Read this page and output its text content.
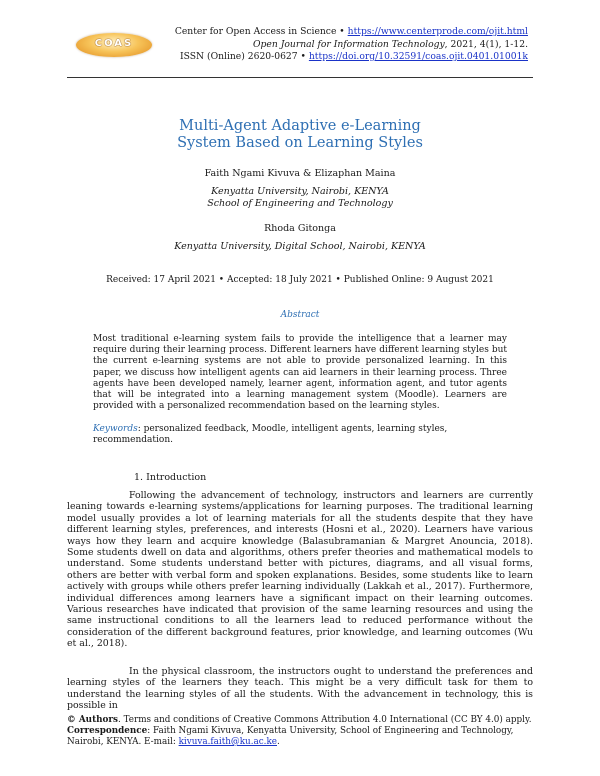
COAS
Center for Open Access in Science • https://www.centerprode.com/ojit.html
Open Journal for Information Technology, 2021, 4(1), 1-12.
ISSN (Online) 2620-0627 • https://doi.org/10.32591/coas.ojit.0401.01001k
Multi-Agent Adaptive e-Learning
System Based on Learning Styles
Faith Ngami Kivuva & Elizaphan Maina
Kenyatta University, Nairobi, KENYA
School of Engineering and Technology
Rhoda Gitonga
Kenyatta University, Digital School, Nairobi, KENYA
Received: 17 April 2021 • Accepted: 18 July 2021 • Published Online: 9 August 2021
Abstract
Most traditional e-learning system fails to provide the intelligence that a learner may require during their learning process. Different learners have different learning styles but the current e-learning systems are not able to provide personalized learning. In this paper, we discuss how intelligent agents can aid learners in their learning process. Three agents have been developed namely, learner agent, information agent, and tutor agents that will be integrated into a learning management system (Moodle). Learners are provided with a personalized recommendation based on the learning styles.
Keywords: personalized feedback, Moodle, intelligent agents, learning styles, recommendation.
1. Introduction

Following the advancement of technology, instructors and learners are currently leaning towards e-learning systems/applications for learning purposes. The traditional learning model usually provides a lot of learning materials for all the students despite that they have different learning styles, preferences, and interests (Hosni et al., 2020). Learners have various ways how they learn and acquire knowledge (Balasubramanian & Margret Anouncia, 2018). Some students dwell on data and algorithms, others prefer theories and mathematical models to understand. Some students understand better with pictures, diagrams, and all visual forms, others are better with verbal form and spoken explanations. Besides, some students like to learn actively with groups while others prefer learning individually (Lakkah et al., 2017). Furthermore, individual differences among learners have a significant impact on their learning outcomes. Various researches have indicated that provision of the same learning resources and using the same instructional conditions to all the learners lead to reduced performance without the consideration of the different background features, prior knowledge, and learning outcomes (Wu et al., 2018).

In the physical classroom, the instructors ought to understand the preferences and learning styles of the learners they teach. This might be a very difficult task for them to understand the learning styles of all the students. With the advancement in technology, this is possible in

© Authors. Terms and conditions of Creative Commons Attribution 4.0 International (CC BY 4.0) apply.
Correspondence: Faith Ngami Kivuva, Kenyatta University, School of Engineering and Technology, Nairobi, KENYA. E-mail: kivuva.faith@ku.ac.ke.
